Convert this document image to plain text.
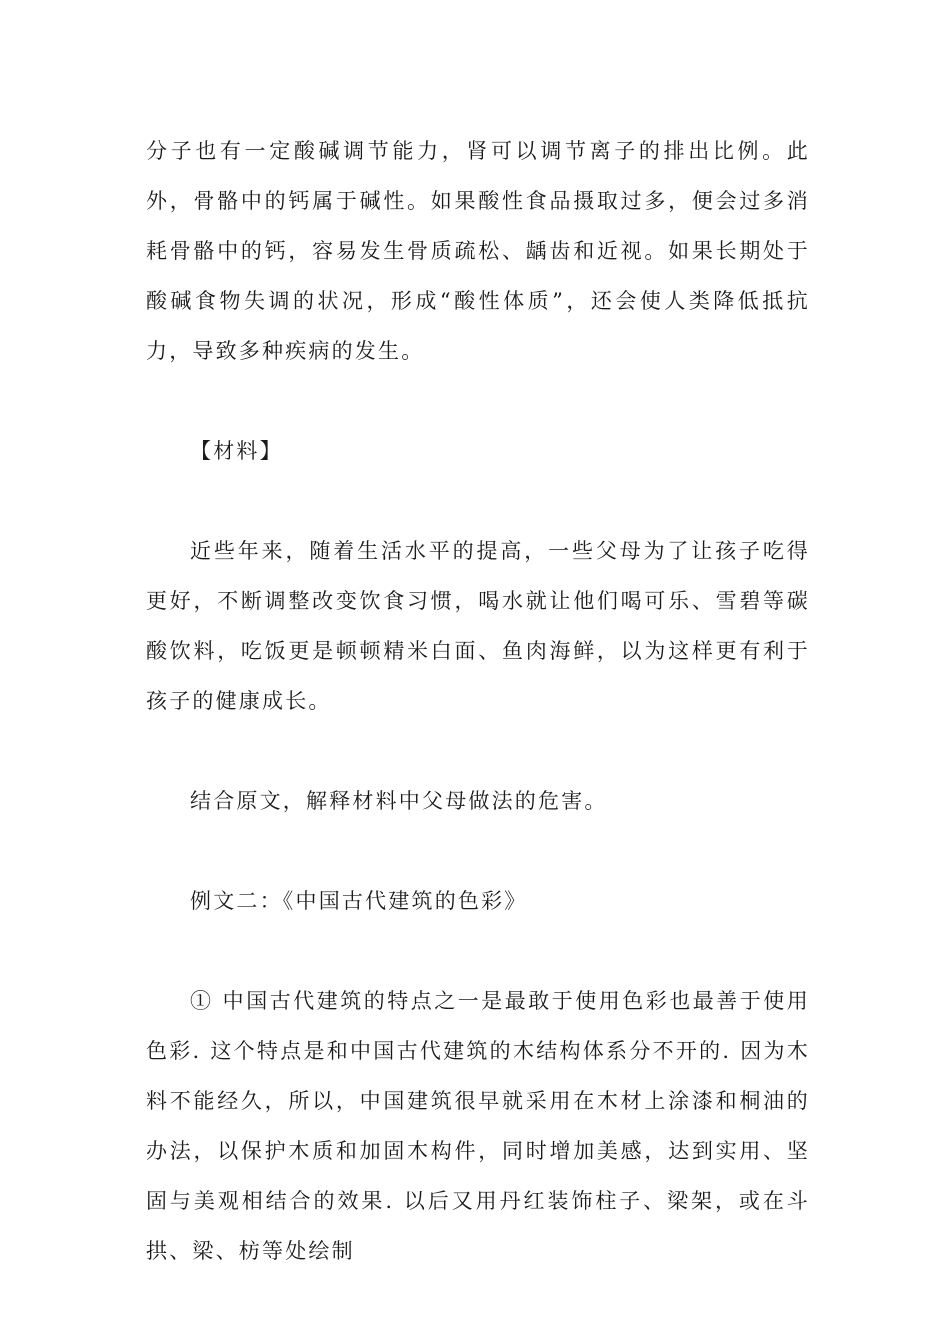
分子也有一定酸碱调节能力，肾可以调节离子的排出比例。此外，骨骼中的钙属于碱性。如果酸性食品摄取过多，便会过多消耗骨骼中的钙，容易发生骨质疏松、龋齿和近视。如果长期处于酸碱食物失调的状况，形成“酸性体质”，还会使人类降低抵抗力，导致多种疾病的发生。
【材料】
近些年来，随着生活水平的提高，一些父母为了让孩子吃得更好，不断调整改变饮食习惯，喝水就让他们喝可乐、雪碧等碳酸饮料，吃饭更是顿顿精米白面、鱼肉海鲜，以为这样更有利于孩子的健康成长。
结合原文，解释材料中父母做法的危害。
例文二：《中国古代建筑的色彩》
① 中国古代建筑的特点之一是最敢于使用色彩也最善于使用色彩. 这个特点是和中国古代建筑的木结构体系分不开的. 因为木料不能经久，所以，中国建筑很早就采用在木材上涂漆和桐油的办法，以保护木质和加固木构件，同时增加美感，达到实用、坚固与美观相结合的效果. 以后又用丹红装饰柱子、梁架，或在斗拱、梁、枋等处绘制
